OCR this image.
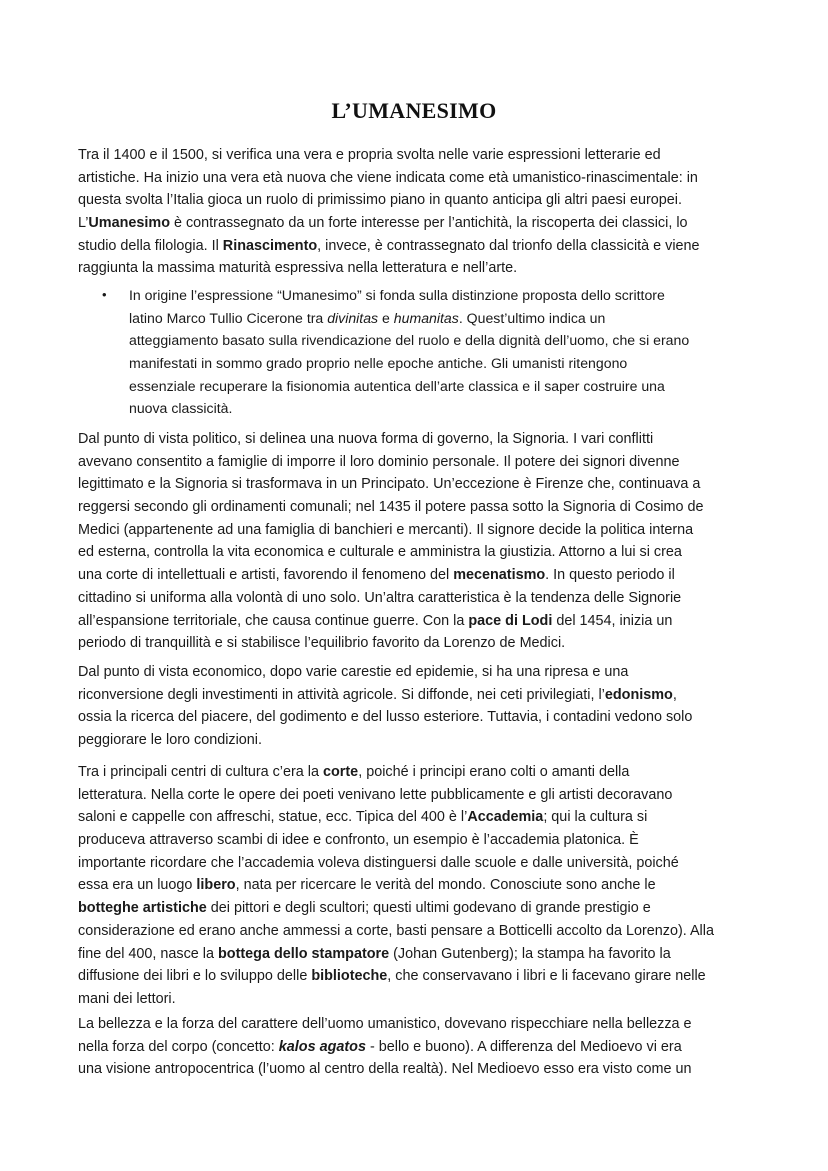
L’UMANESIMO
Tra il 1400 e il 1500, si verifica una vera e propria svolta nelle varie espressioni letterarie ed
artistiche. Ha inizio una vera età nuova che viene indicata come età umanistico-rinascimentale: in
questa svolta l’Italia gioca un ruolo di primissimo piano in quanto anticipa gli altri paesi europei.
L’Umanesimo è contrassegnato da un forte interesse per l’antichità, la riscoperta dei classici, lo
studio della filologia. Il Rinascimento, invece, è contrassegnato dal trionfo della classicità e viene
raggiunta la massima maturità espressiva nella letteratura e nell’arte.
• In origine l’espressione “Umanesimo” si fonda sulla distinzione proposta dello scrittore
latino Marco Tullio Cicerone tra divinitas e humanitas. Quest’ultimo indica un
atteggiamento basato sulla rivendicazione del ruolo e della dignità dell’uomo, che si erano
manifestati in sommo grado proprio nelle epoche antiche. Gli umanisti ritengono
essenziale recuperare la fisionomia autentica dell’arte classica e il saper costruire una
nuova classicità.
Dal punto di vista politico, si delinea una nuova forma di governo, la Signoria. I vari conflitti
avevano consentito a famiglie di imporre il loro dominio personale. Il potere dei signori divenne
legittimato e la Signoria si trasformava in un Principato. Un’eccezione è Firenze che, continuava a
reggersi secondo gli ordinamenti comunali; nel 1435 il potere passa sotto la Signoria di Cosimo de
Medici (appartenente ad una famiglia di banchieri e mercanti). Il signore decide la politica interna
ed esterna, controlla la vita economica e culturale e amministra la giustizia. Attorno a lui si crea
una corte di intellettuali e artisti, favorendo il fenomeno del mecenatismo. In questo periodo il
cittadino si uniforma alla volontà di uno solo. Un’altra caratteristica è la tendenza delle Signorie
all’espansione territoriale, che causa continue guerre. Con la pace di Lodi del 1454, inizia un
periodo di tranquillità e si stabilisce l’equilibrio favorito da Lorenzo de Medici.
Dal punto di vista economico, dopo varie carestie ed epidemie, si ha una ripresa e una
riconversione degli investimenti in attività agricole. Si diffonde, nei ceti privilegiati, l’edonismo,
ossia la ricerca del piacere, del godimento e del lusso esteriore. Tuttavia, i contadini vedono solo
peggiorare le loro condizioni.
Tra i principali centri di cultura c’era la corte, poiché i principi erano colti o amanti della
letteratura. Nella corte le opere dei poeti venivano lette pubblicamente e gli artisti decoravano
saloni e cappelle con affreschi, statue, ecc. Tipica del 400 è l’Accademia; qui la cultura si
produceva attraverso scambi di idee e confronto, un esempio è l’accademia platonica. È
importante ricordare che l’accademia voleva distinguersi dalle scuole e dalle università, poiché
essa era un luogo libero, nata per ricercare le verità del mondo. Conosciute sono anche le
botteghe artistiche dei pittori e degli scultori; questi ultimi godevano di grande prestigio e
considerazione ed erano anche ammessi a corte, basti pensare a Botticelli accolto da Lorenzo). Alla
fine del 400, nasce la bottega dello stampatore (Johan Gutenberg); la stampa ha favorito la
diffusione dei libri e lo sviluppo delle biblioteche, che conservavano i libri e li facevano girare nelle
mani dei lettori.
La bellezza e la forza del carattere dell’uomo umanistico, dovevano rispecchiare nella bellezza e
nella forza del corpo (concetto: kalos agatos - bello e buono). A differenza del Medioevo vi era
una visione antropocentrica (l’uomo al centro della realtà). Nel Medioevo esso era visto come un
